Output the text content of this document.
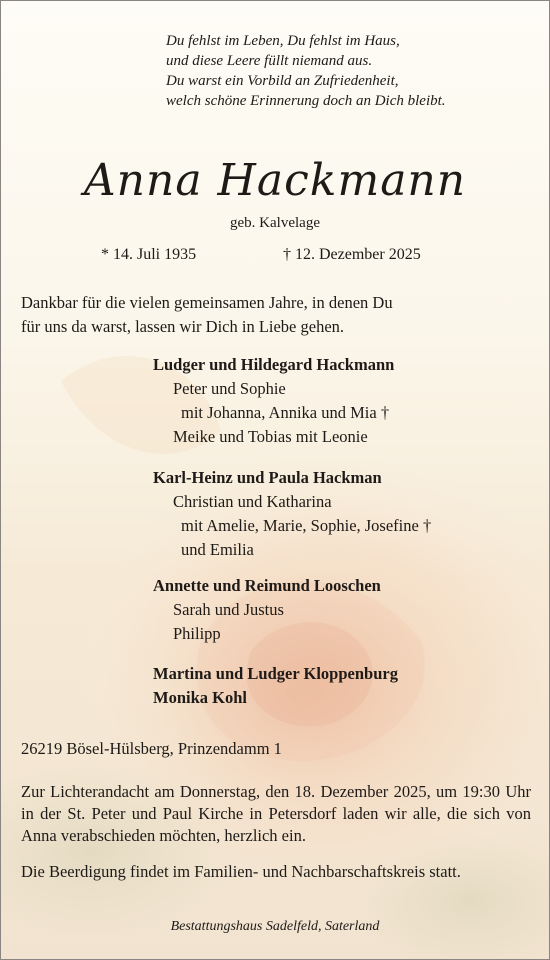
Du fehlst im Leben, Du fehlst im Haus,
und diese Leere füllt niemand aus.
Du warst ein Vorbild an Zufriedenheit,
welch schöne Erinnerung doch an Dich bleibt.
Anna Hackmann
geb. Kalvelage
* 14. Juli 1935	† 12. Dezember 2025
Dankbar für die vielen gemeinsamen Jahre, in denen Du
für uns da warst, lassen wir Dich in Liebe gehen.
Ludger und Hildegard Hackmann
Peter und Sophie
mit Johanna, Annika und Mia †
Meike und Tobias mit Leonie
Karl-Heinz und Paula Hackman
Christian und Katharina
mit Amelie, Marie, Sophie, Josefine †
und Emilia
Annette und Reimund Looschen
Sarah und Justus
Philipp
Martina und Ludger Kloppenburg
Monika Kohl
26219 Bösel-Hülsberg, Prinzendamm 1
Zur Lichterandacht am Donnerstag, den 18. Dezember 2025, um 19:30 Uhr in der St. Peter und Paul Kirche in Petersdorf laden wir alle, die sich von Anna verabschieden möchten, herzlich ein.
Die Beerdigung findet im Familien- und Nachbarschaftskreis statt.
Bestattungshaus Sadelfeld, Saterland
